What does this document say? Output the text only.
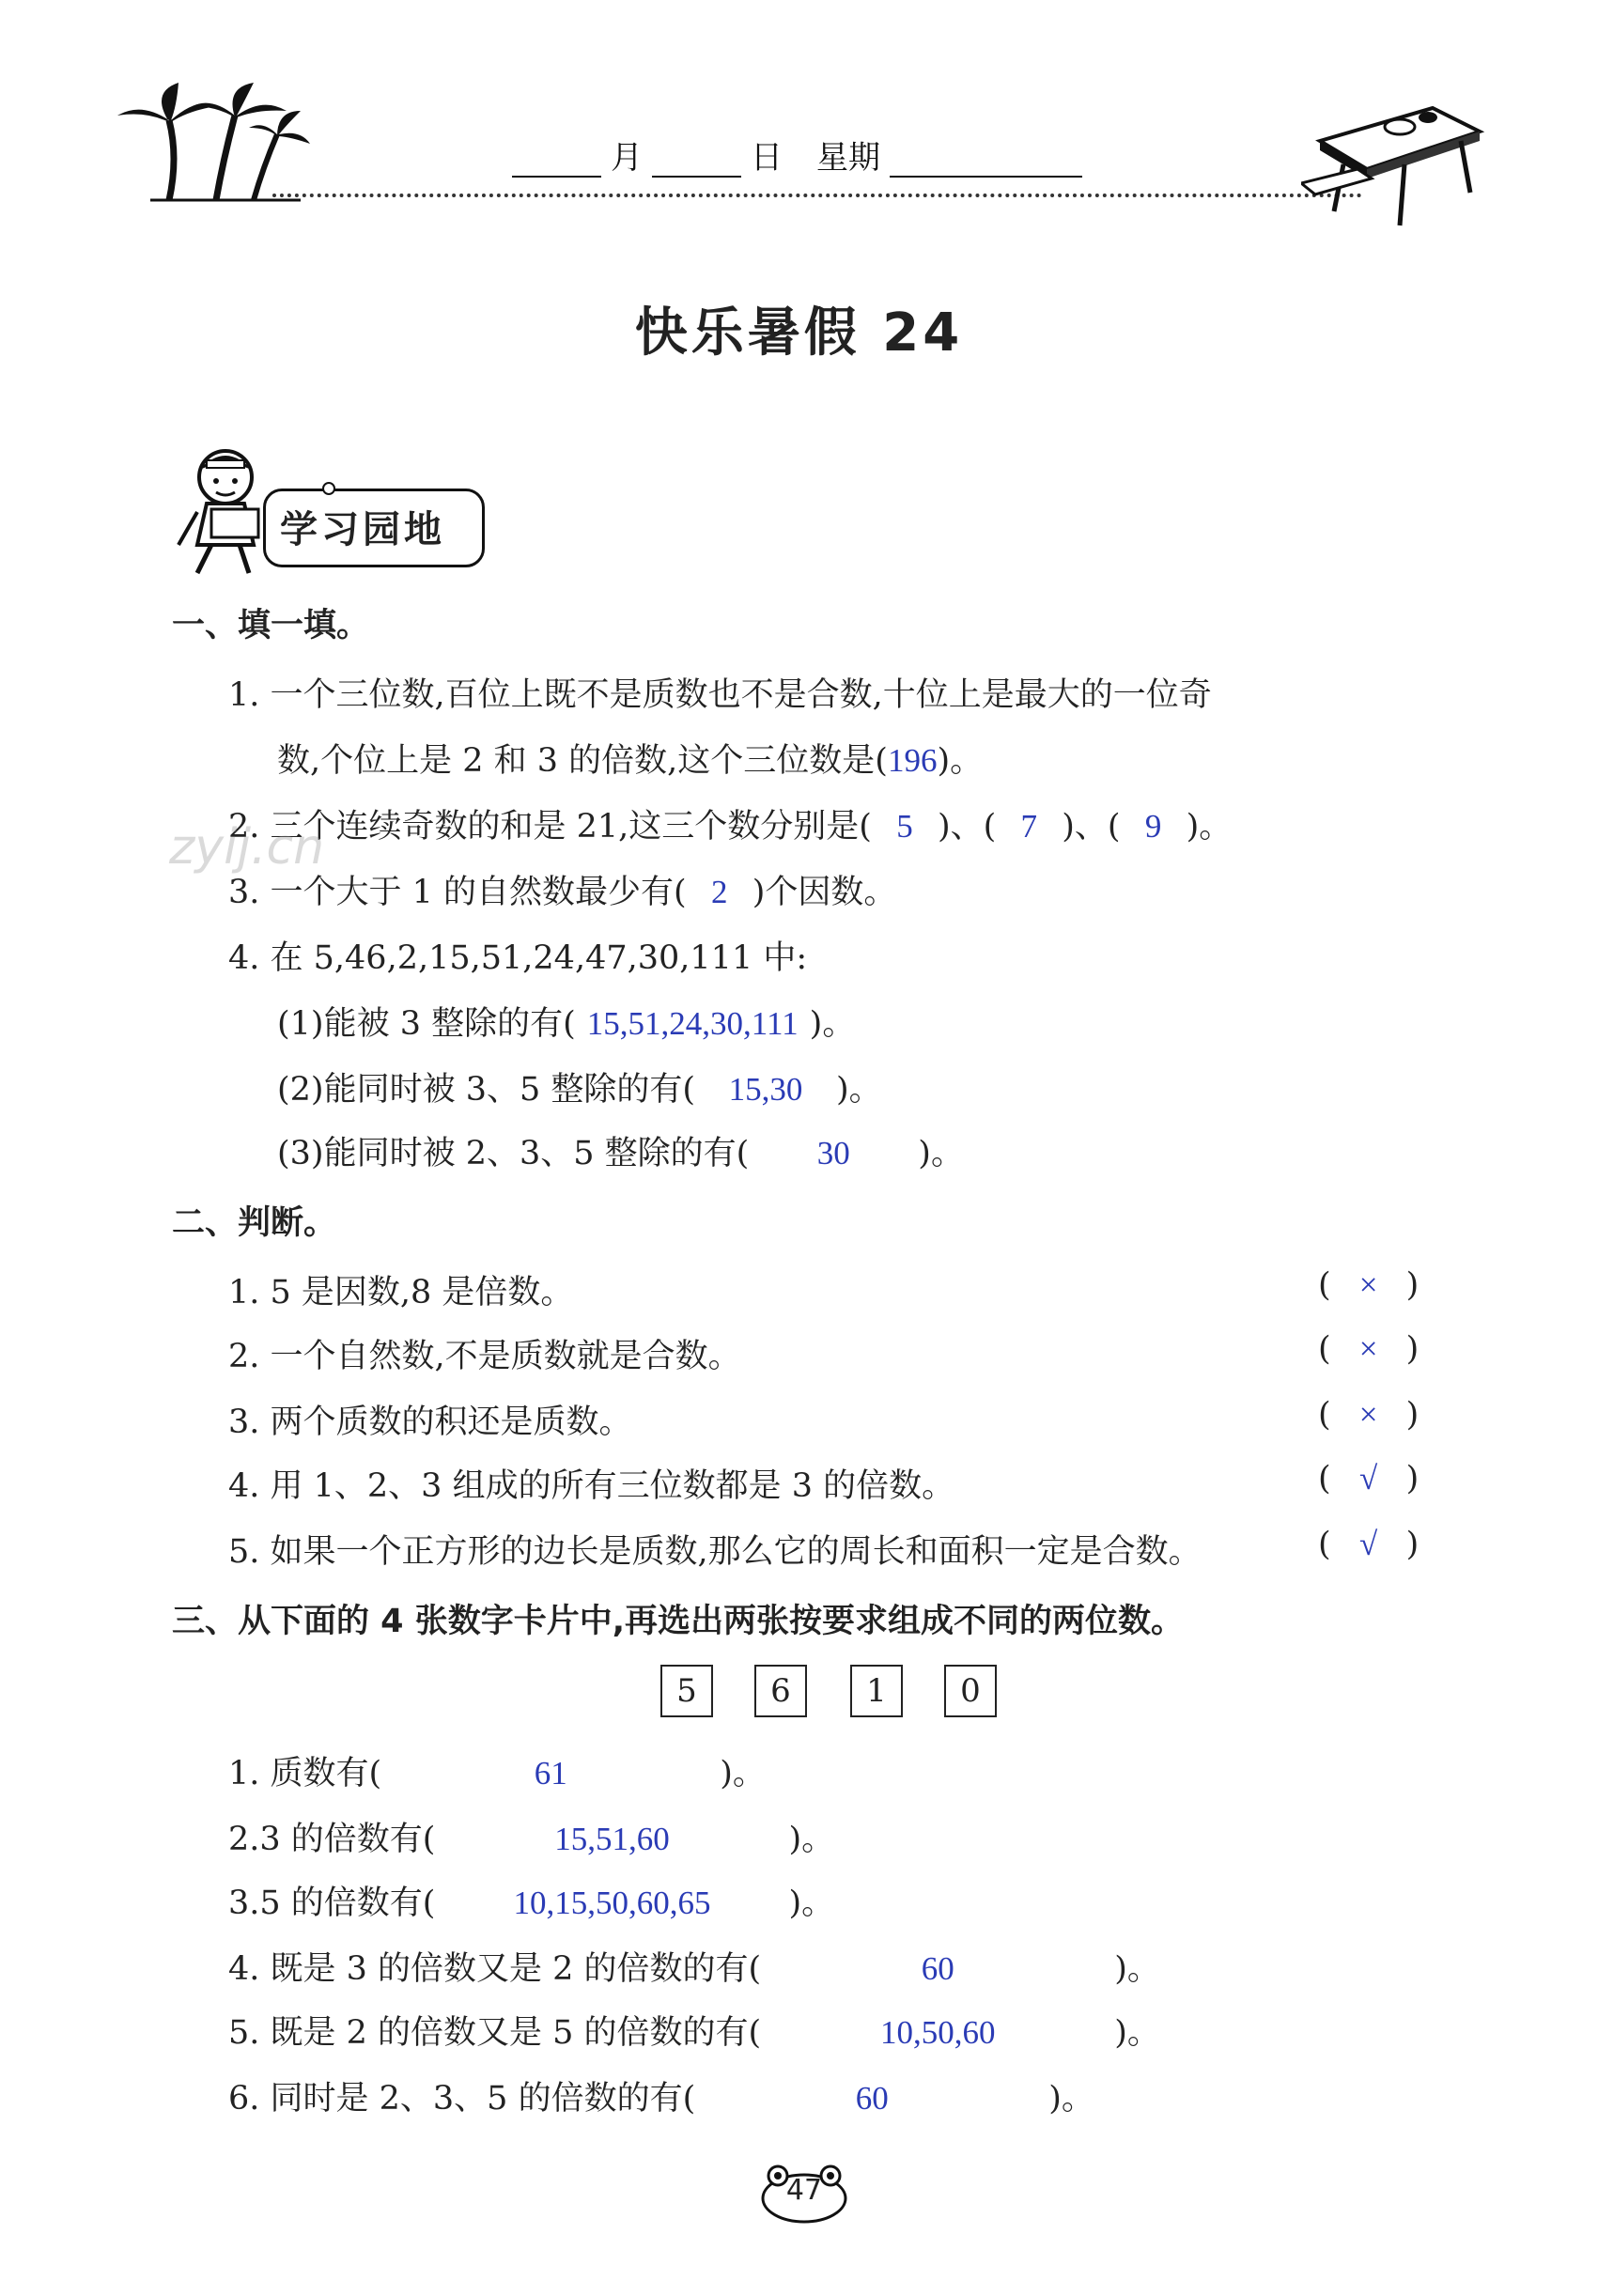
月	日 星期
快乐暑假 24
学习园地
一、填一填。
1. 一个三位数,百位上既不是质数也不是合数,十位上是最大的一位奇
数,个位上是 2 和 3 的倍数,这个三位数是(196)。
2. 三个连续奇数的和是 21,这三个数分别是( 5 )、( 7 )、( 9 )。
3. 一个大于 1 的自然数最少有( 2 )个因数。
4. 在 5,46,2,15,51,24,47,30,111 中:
(1)能被 3 整除的有( 15,51,24,30,111 )。
(2)能同时被 3、5 整除的有( 15,30 )。
(3)能同时被 2、3、5 整除的有( 30 )。
zyij.cn
二、判断。
1. 5 是因数,8 是倍数。	( × )
2. 一个自然数,不是质数就是合数。	( × )
3. 两个质数的积还是质数。	( × )
4. 用 1、2、3 组成的所有三位数都是 3 的倍数。	( √ )
5. 如果一个正方形的边长是质数,那么它的周长和面积一定是合数。	( √ )
三、从下面的 4 张数字卡片中,再选出两张按要求组成不同的两位数。
5	6	1	0
1. 质数有(	61	)。
2.3 的倍数有(	15,51,60	)。
3.5 的倍数有( 10,15,50,60,65 )。
4. 既是 3 的倍数又是 2 的倍数的有(	60	)。
5. 既是 2 的倍数又是 5 的倍数的有(	10,50,60	)。
6. 同时是 2、3、5 的倍数的有(	60	)。
47
